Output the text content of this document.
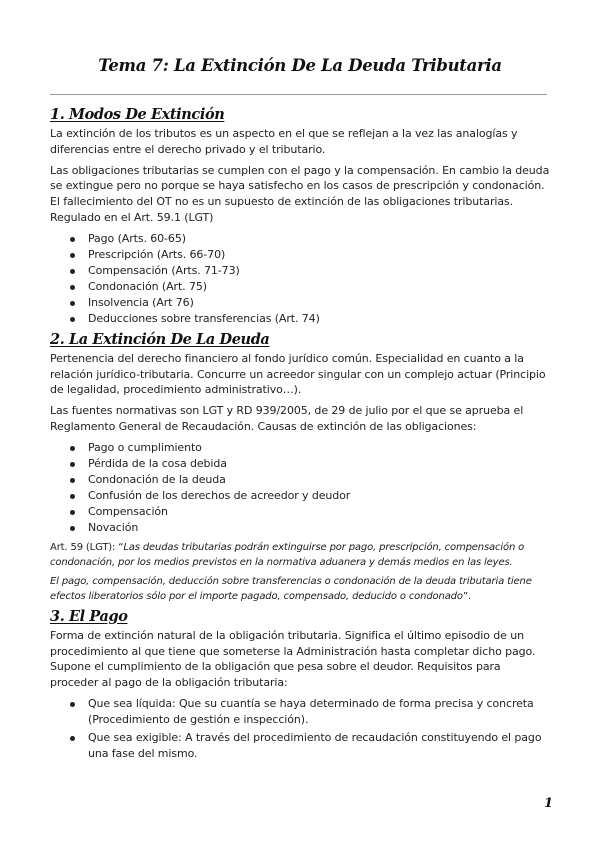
Tema 7: La Extinción De La Deuda Tributaria
1. Modos De Extinción

La extinción de los tributos es un aspecto en el que se reflejan a la vez las analogías y diferencias entre el derecho privado y el tributario.

Las obligaciones tributarias se cumplen con el pago y la compensación. En cambio la deuda se extingue pero no porque se haya satisfecho en los casos de prescripción y condonación. El fallecimiento del OT no es un supuesto de extinción de las obligaciones tributarias. Regulado en el Art. 59.1 (LGT)

Pago (Arts. 60-65)
Prescripción (Arts. 66-70)
Compensación (Arts. 71-73)
Condonación (Art. 75)
Insolvencia (Art 76)
Deducciones sobre transferencias (Art. 74)
2. La Extinción De La Deuda

Pertenencia del derecho financiero al fondo jurídico común. Especialidad en cuanto a la relación jurídico-tributaria. Concurre un acreedor singular con un complejo actuar (Principio de legalidad, procedimiento administrativo…).

Las fuentes normativas son LGT y RD 939/2005, de 29 de julio por el que se aprueba el Reglamento General de Recaudación. Causas de extinción de las obligaciones:

Pago o cumplimiento
Pérdida de la cosa debida
Condonación de la deuda
Confusión de los derechos de acreedor y deudor
Compensación
Novación

Art. 59 (LGT): “Las deudas tributarias podrán extinguirse por pago, prescripción, compensación o condonación, por los medios previstos en la normativa aduanera y demás medios en las leyes.

El pago, compensación, deducción sobre transferencias o condonación de la deuda tributaria tiene efectos liberatorios sólo por el importe pagado, compensado, deducido o condonado”.

3. El Pago

Forma de extinción natural de la obligación tributaria. Significa el último episodio de un procedimiento al que tiene que someterse la Administración hasta completar dicho pago. Supone el cumplimiento de la obligación que pesa sobre el deudor. Requisitos para proceder al pago de la obligación tributaria:

Que sea líquida: Que su cuantía se haya determinado de forma precisa y concreta (Procedimiento de gestión e inspección).
Que sea exigible: A través del procedimiento de recaudación constituyendo el pago una fase del mismo.
1
